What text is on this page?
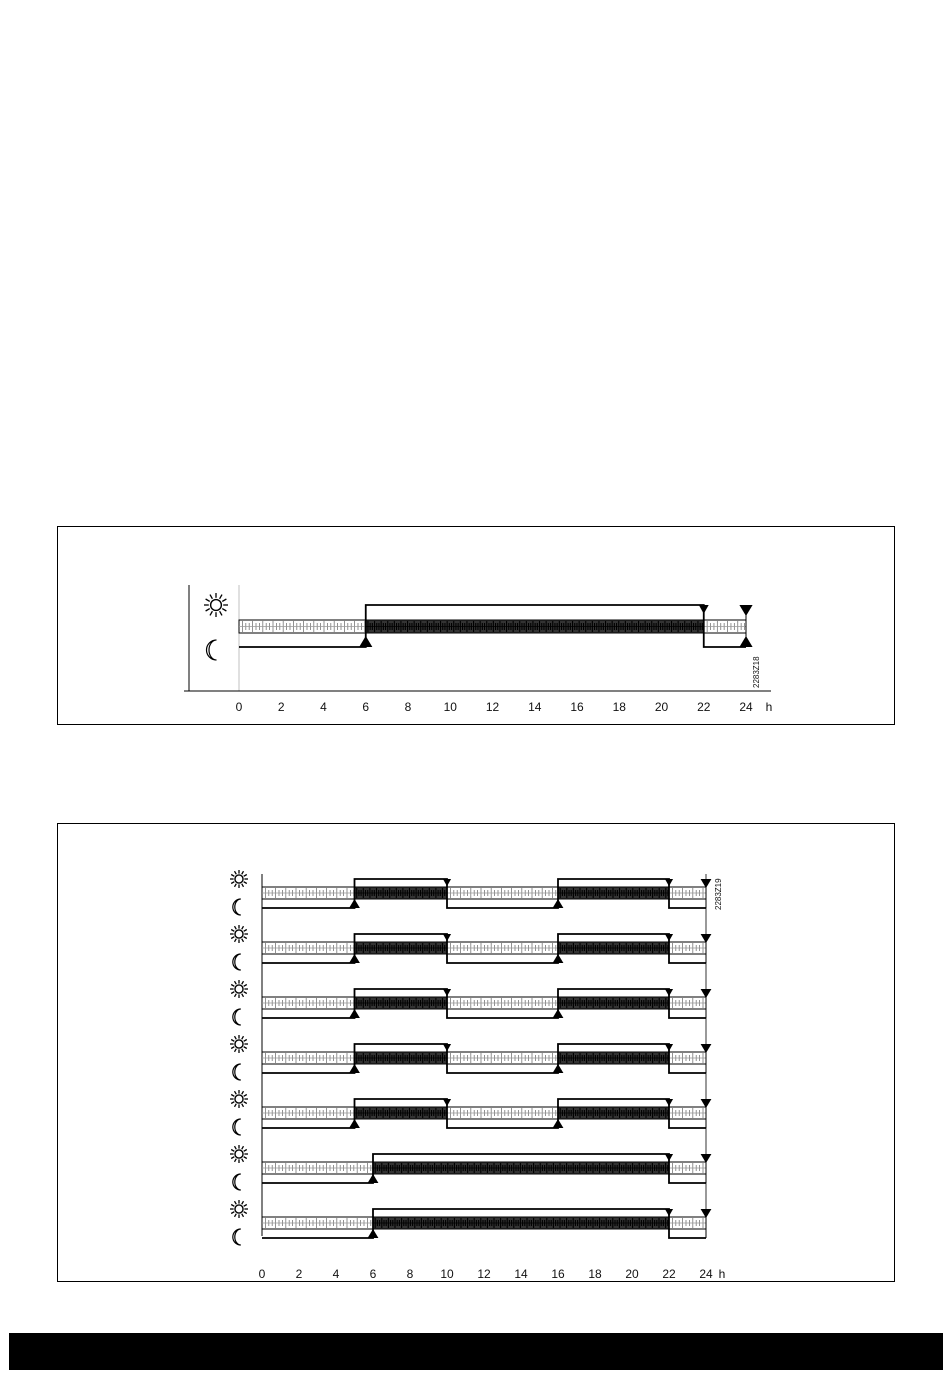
0	2	4	6	8	10 12 14 16 18 20 22 24 h
2283Z18
0	2	4	6	8 10 12 14 16 18 20 22 24 h
2283Z19
